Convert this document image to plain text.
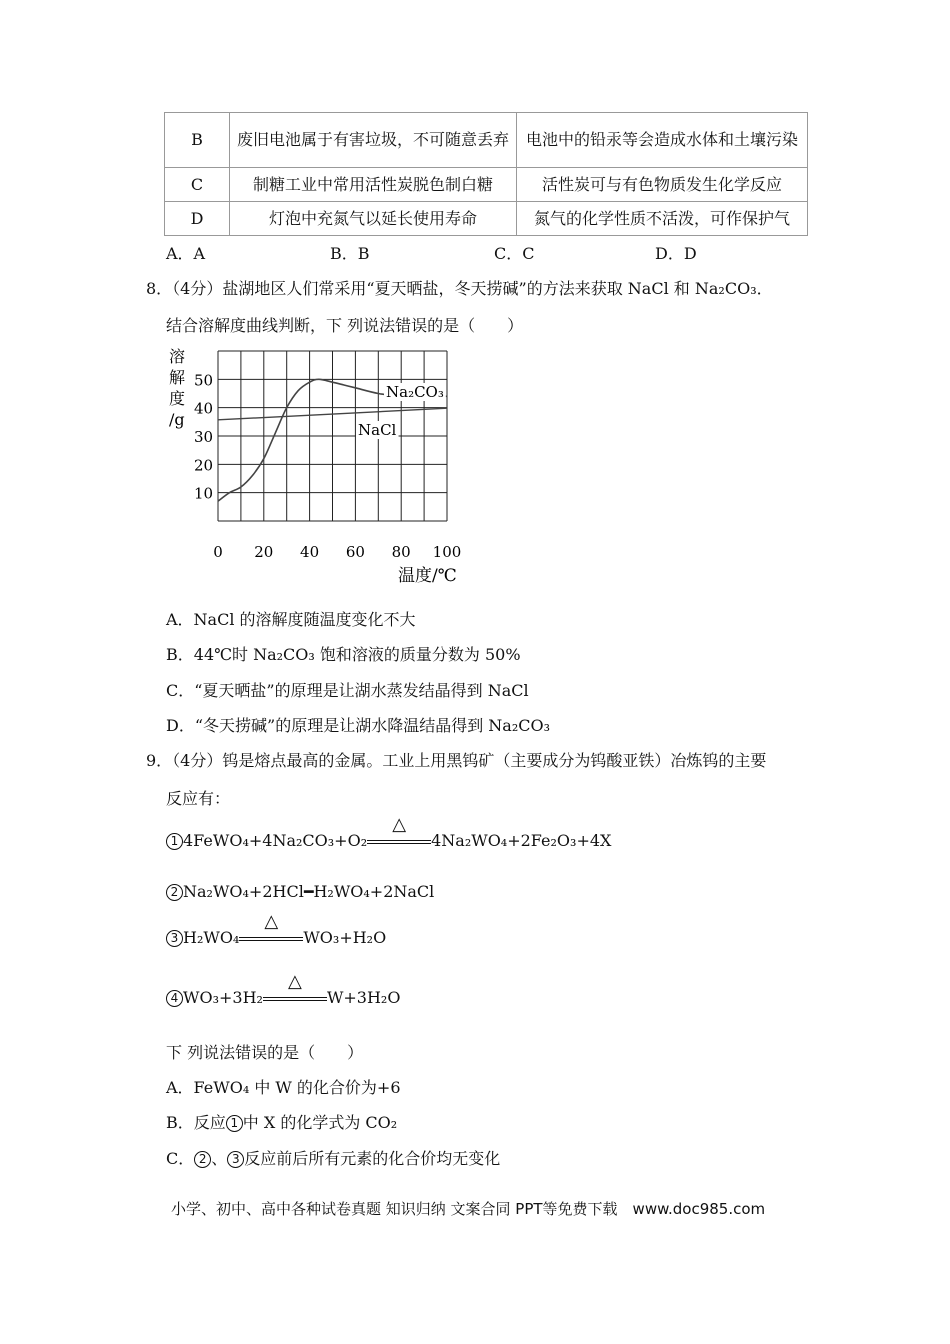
B	废旧电池属于有害垃圾，不可随意丢弃	电池中的铅汞等会造成水体和土壤污染
C	制糖工业中常用活性炭脱色制白糖	活性炭可与有色物质发生化学反应
D	灯泡中充氮气以延长使用寿命	氮气的化学性质不活泼，可作保护气
A．A	B．B	C．C	D．D
8．（4分）盐湖地区人们常采用“夏天晒盐，冬天捞碱”的方法来获取 NaCl 和 Na₂CO₃．
结合溶解度曲线判断，下 列说法错误的是（　　）
10
20
30
40
50
0 20 40 60 80 100
溶
解
度
/g
温度/℃
Na₂CO₃
NaCl
A．NaCl 的溶解度随温度变化不大
B．44℃时 Na₂CO₃ 饱和溶液的质量分数为 50%
C．“夏天晒盐”的原理是让湖水蒸发结晶得到 NaCl
D．“冬天捞碱”的原理是让湖水降温结晶得到 Na₂CO₃
9．（4分）钨是熔点最高的金属。工业上用黑钨矿（主要成分为钨酸亚铁）冶炼钨的主要
反应有：
1 4FeWO₄+4Na₂CO₃+O₂
△
4Na₂WO₄+2Fe₂O₃+4X
2 Na₂WO₄+2HCl━H₂WO₄+2NaCl
3 H₂WO₄
△
WO₃+H₂O
4 WO₃+3H₂
△
W+3H₂O
下 列说法错误的是（　　）
A．FeWO₄ 中 W 的化合价为+6
B．反应 1 中 X 的化学式为 CO₂
C． 2 、 3 反应前后所有元素的化合价均无变化
小学、初中、高中各种试卷真题 知识归纳 文案合同 PPT等免费下载　www.doc985.com
